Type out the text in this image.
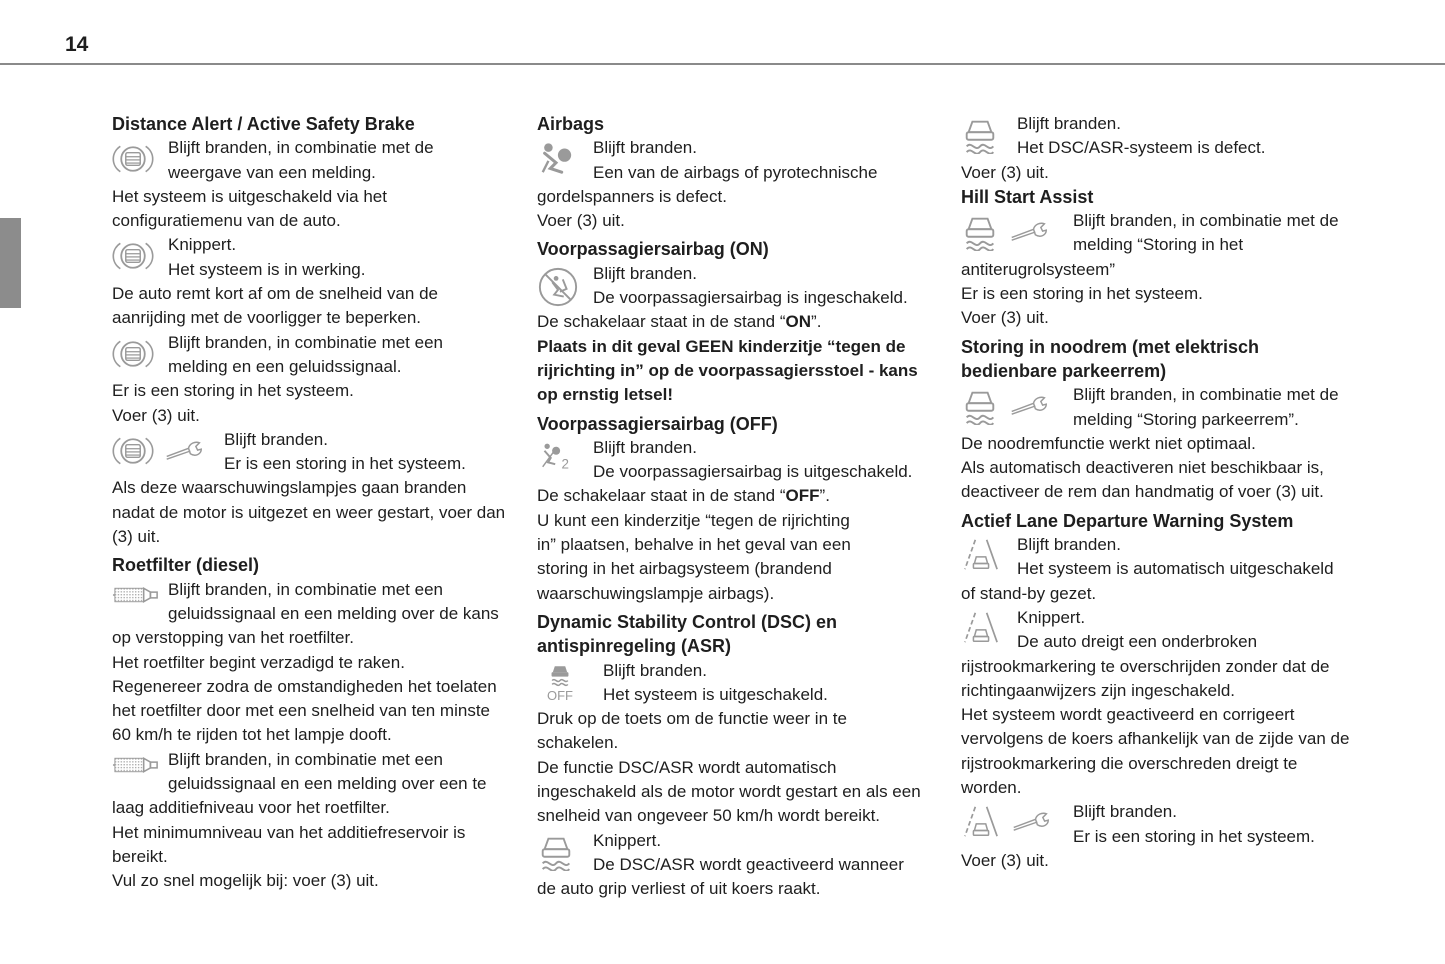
14

Distance Alert / Active Safety Brake

Blijft branden, in combinatie met de

weergave van een melding.

Het systeem is uitgeschakeld via het configuratiemenu van de auto.

Knippert.

Het systeem is in werking.

De auto remt kort af om de snelheid van de aanrijding met de voorligger te beperken.

Blijft branden, in combinatie met een

melding en een geluidssignaal.

Er is een storing in het systeem.

Voer (3) uit.

Blijft branden.

Er is een storing in het systeem.

Als deze waarschuwingslampjes gaan branden nadat de motor is uitgezet en weer gestart, voer dan (3) uit.

Roetfilter (diesel)

Blijft branden, in combinatie met een

geluidssignaal en een melding over de kans

op verstopping van het roetfilter.

Het roetfilter begint verzadigd te raken.

Regenereer zodra de omstandigheden het toelaten het roetfilter door met een snelheid van ten minste 60 km/h te rijden tot het lampje dooft.

Blijft branden, in combinatie met een

geluidssignaal en een melding over een te

laag additiefniveau voor het roetfilter.

Het minimumniveau van het additiefreservoir is bereikt.

Vul zo snel mogelijk bij: voer (3) uit.

Airbags

Blijft branden.

Een van de airbags of pyrotechnische

gordelspanners is defect.

Voer (3) uit.

Voorpassagiersairbag (ON)

Blijft branden.

De voorpassagiersairbag is ingeschakeld.

De schakelaar staat in de stand “ON”.

Plaats in dit geval GEEN kinderzitje “tegen de rijrichting in” op de voorpassagiersstoel - kans op ernstig letsel!

Voorpassagiersairbag (OFF)

Blijft branden.

De voorpassagiersairbag is uitgeschakeld.

De schakelaar staat in de stand “OFF”.

U kunt een kinderzitje “tegen de rijrichting in” plaatsen, behalve in het geval van een storing in het airbagsysteem (brandend waarschuwingslampje airbags).

Dynamic Stability Control (DSC) en antispinregeling (ASR)

OFF

Blijft branden.

Het systeem is uitgeschakeld.

Druk op de toets om de functie weer in te schakelen.

De functie DSC/ASR wordt automatisch ingeschakeld als de motor wordt gestart en als een snelheid van ongeveer 50 km/h wordt bereikt.

Knippert.

De DSC/ASR wordt geactiveerd wanneer

de auto grip verliest of uit koers raakt.

Blijft branden.

Het DSC/ASR-systeem is defect.

Voer (3) uit.

Hill Start Assist

Blijft branden, in combinatie met de

melding “Storing in het

antiterugrolsysteem”

Er is een storing in het systeem.

Voer (3) uit.

Storing in noodrem (met elektrisch bedienbare parkeerrem)

Blijft branden, in combinatie met de

melding “Storing parkeerrem”.

De noodremfunctie werkt niet optimaal.

Als automatisch deactiveren niet beschikbaar is, deactiveer de rem dan handmatig of voer (3) uit.

Actief Lane Departure Warning System

Blijft branden.

Het systeem is automatisch uitgeschakeld

of stand-by gezet.

Knippert.

De auto dreigt een onderbroken

rijstrookmarkering te overschrijden zonder dat de richtingaanwijzers zijn ingeschakeld.

Het systeem wordt geactiveerd en corrigeert vervolgens de koers afhankelijk van de zijde van de rijstrookmarkering die overschreden dreigt te worden.

Blijft branden.

Er is een storing in het systeem.

Voer (3) uit.
